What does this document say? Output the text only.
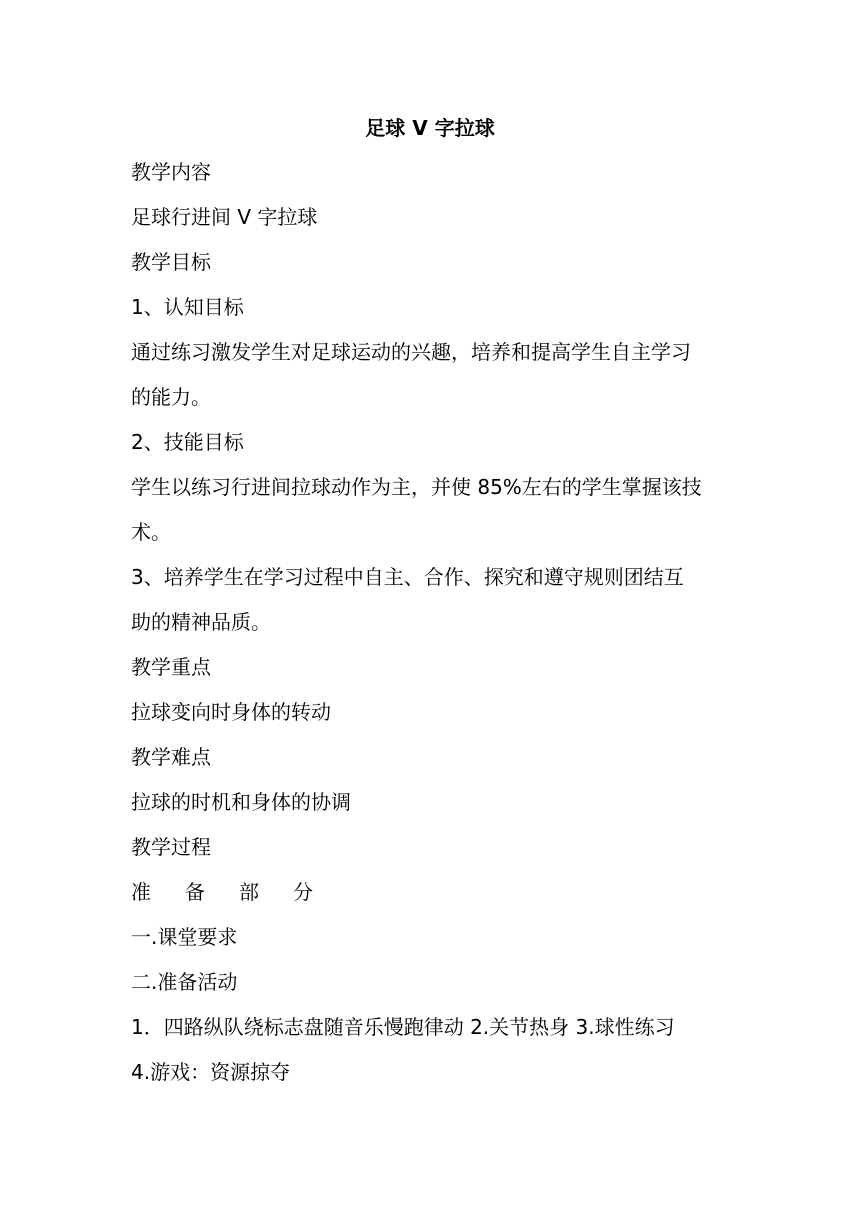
足球 V 字拉球
教学内容
足球行进间 V 字拉球
教学目标
1、认知目标
通过练习激发学生对足球运动的兴趣，培养和提高学生自主学习
的能力。
2、技能目标
学生以练习行进间拉球动作为主，并使 85%左右的学生掌握该技
术。
3、培养学生在学习过程中自主、合作、探究和遵守规则团结互
助的精神品质。
教学重点
拉球变向时身体的转动
教学难点
拉球的时机和身体的协调
教学过程
准备部分
一.课堂要求
二.准备活动
1．四路纵队绕标志盘随音乐慢跑律动 2.关节热身 3.球性练习
4.游戏：资源掠夺
